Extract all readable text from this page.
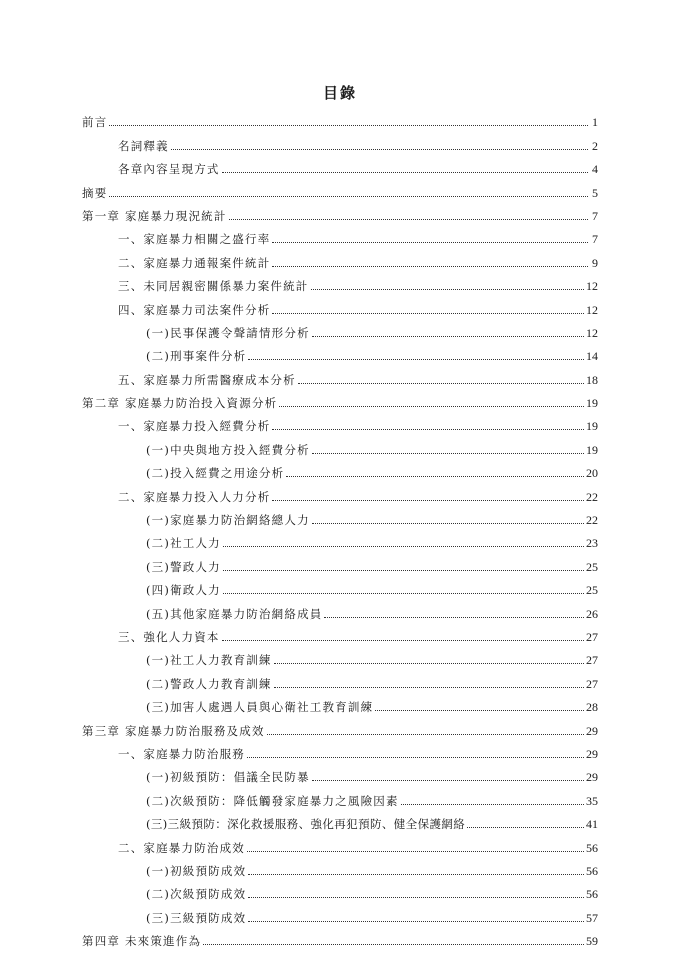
目錄
前言	1
名詞釋義	2
各章內容呈現方式	4
摘要	5
第一章 家庭暴力現況統計	7
一、家庭暴力相關之盛行率	7
二、家庭暴力通報案件統計	9
三、未同居親密關係暴力案件統計	12
四、家庭暴力司法案件分析	12
(一)民事保護令聲請情形分析	12
(二)刑事案件分析	14
五、家庭暴力所需醫療成本分析	18
第二章 家庭暴力防治投入資源分析	19
一、家庭暴力投入經費分析	19
(一)中央與地方投入經費分析	19
(二)投入經費之用途分析	20
二、家庭暴力投入人力分析	22
(一)家庭暴力防治網絡總人力	22
(二)社工人力	23
(三)警政人力	25
(四)衛政人力	25
(五)其他家庭暴力防治網絡成員	26
三、強化人力資本	27
(一)社工人力教育訓練	27
(二)警政人力教育訓練	27
(三)加害人處遇人員與心衛社工教育訓練	28
第三章 家庭暴力防治服務及成效	29
一、家庭暴力防治服務	29
(一)初級預防：倡議全民防暴	29
(二)次級預防：降低觸發家庭暴力之風險因素	35
(三)三級預防：深化救援服務、強化再犯預防、健全保護網絡	41
二、家庭暴力防治成效	56
(一)初級預防成效	56
(二)次級預防成效	56
(三)三級預防成效	57
第四章 未來策進作為	59
